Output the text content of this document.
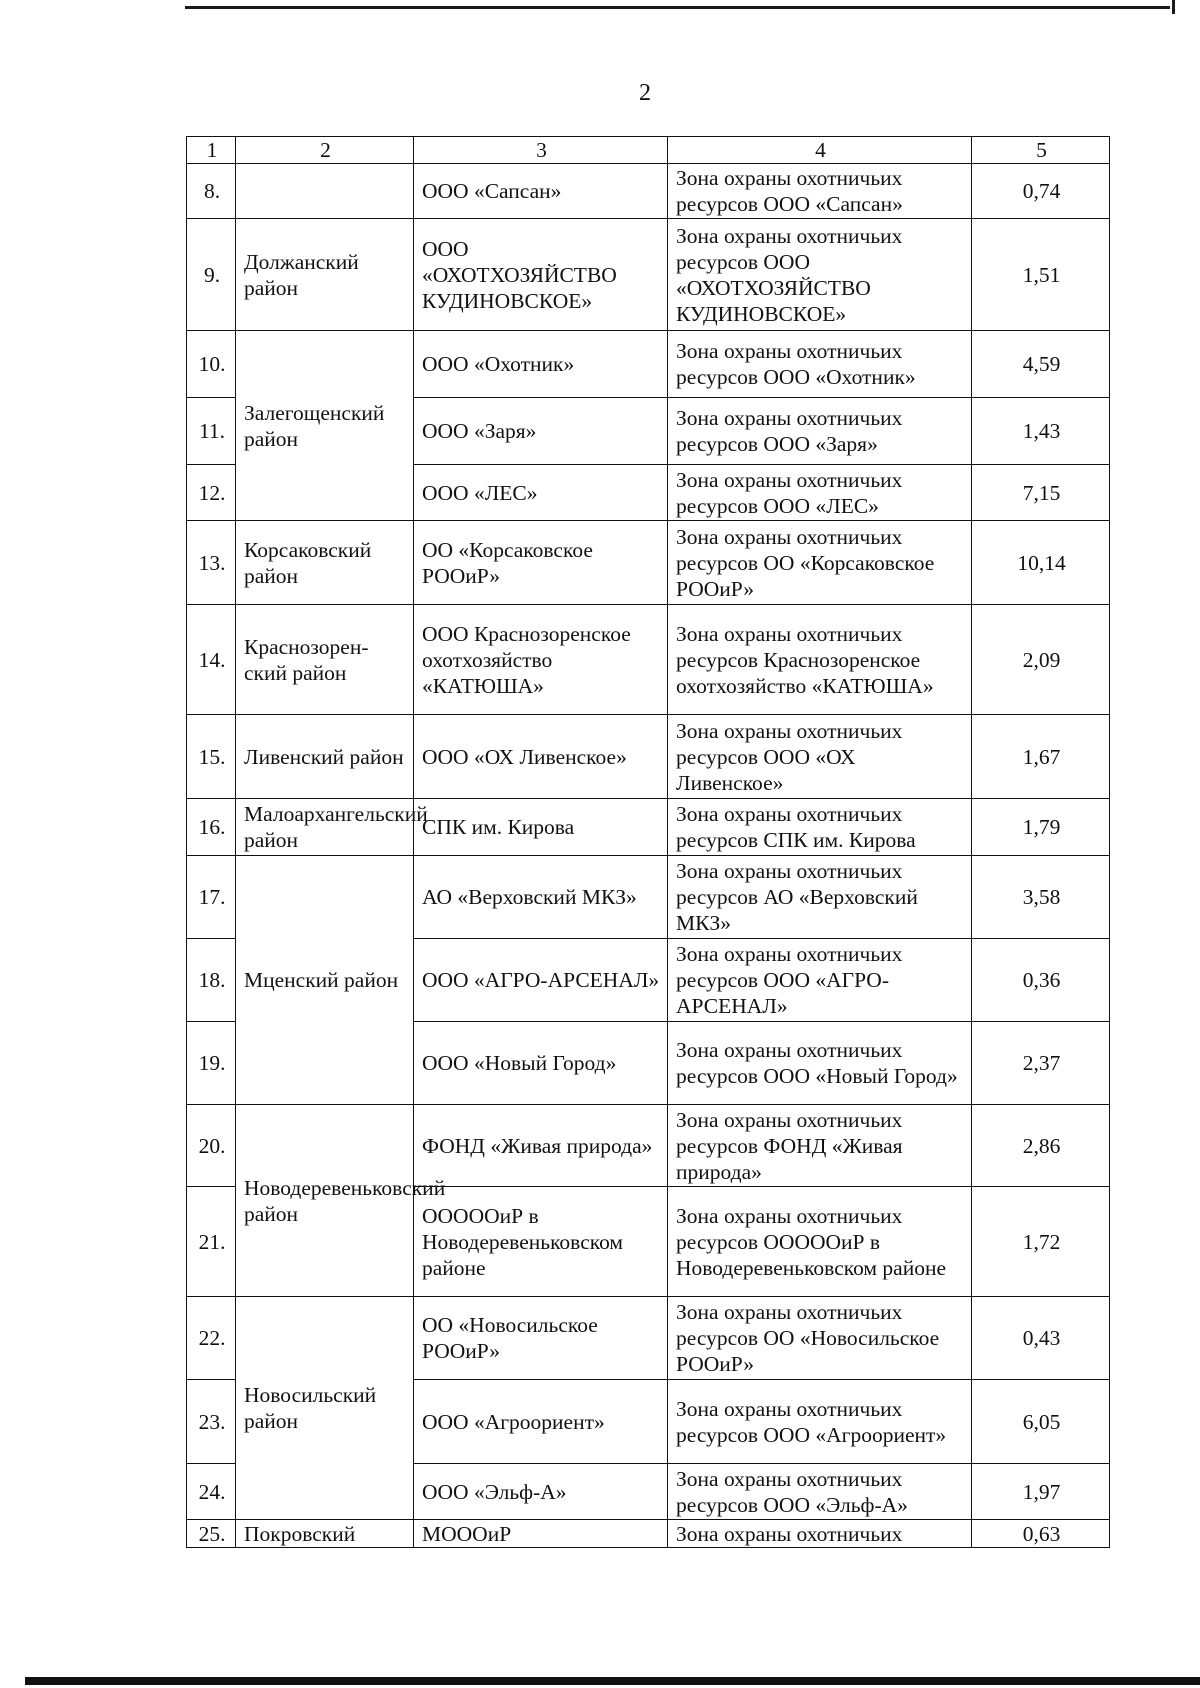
2
1	2	3	4	5
8.		ООО «Сапсан»	Зона охраны охотничьих ресурсов ООО «Сапсан»	0,74
9.	Должанский район	ООО «ОХОТХОЗЯЙСТВО КУДИНОВСКОЕ»	Зона охраны охотничьих ресурсов ООО «ОХОТХОЗЯЙСТВО КУДИНОВСКОЕ»	1,51
10.	Залегощенский район	ООО «Охотник»	Зона охраны охотничьих ресурсов ООО «Охотник»	4,59
11.		ООО «Заря»	Зона охраны охотничьих ресурсов ООО «Заря»	1,43
12.		ООО «ЛЕС»	Зона охраны охотничьих ресурсов ООО «ЛЕС»	7,15
13.	Корсаковский район	ОО «Корсаковское РООиР»	Зона охраны охотничьих ресурсов ОО «Корсаковское РООиР»	10,14
14.	Краснозорен-ский район	ООО Краснозоренское охотхозяйство «КАТЮША»	Зона охраны охотничьих ресурсов Краснозоренское охотхозяйство «КАТЮША»	2,09
15.	Ливенский район	ООО «ОХ Ливенское»	Зона охраны охотничьих ресурсов ООО «ОХ Ливенское»	1,67
16.	Малоархангельский район	СПК им. Кирова	Зона охраны охотничьих ресурсов СПК им. Кирова	1,79
17.	Мценский район	АО «Верховский МКЗ»	Зона охраны охотничьих ресурсов АО «Верховский МКЗ»	3,58
18.		ООО «АГРО-АРСЕНАЛ»	Зона охраны охотничьих ресурсов ООО «АГРО-АРСЕНАЛ»	0,36
19.		ООО «Новый Город»	Зона охраны охотничьих ресурсов ООО «Новый Город»	2,37
20.	Новодеревеньковский район	ФОНД «Живая природа»	Зона охраны охотничьих ресурсов ФОНД «Живая природа»	2,86
21.		ОООООиР в Новодеревеньковском районе	Зона охраны охотничьих ресурсов ОООООиР в Новодеревеньковском районе	1,72
22.	Новосильский район	ОО «Новосильское РООиР»	Зона охраны охотничьих ресурсов ОО «Новосильское РООиР»	0,43
23.		ООО «Агроориент»	Зона охраны охотничьих ресурсов ООО «Агроориент»	6,05
24.		ООО «Эльф-А»	Зона охраны охотничьих ресурсов ООО «Эльф-А»	1,97
25.	Покровский	МОООиР	Зона охраны охотничьих	0,63
